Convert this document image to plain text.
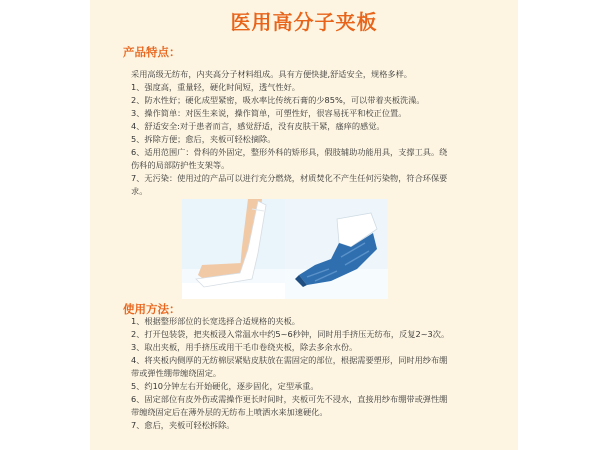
医用高分子夹板
产品特点：
采用高级无纺布，内夹高分子材料组成。具有方便快捷,舒适安全，规格多样。
1、强度高，重量轻，硬化时间短，透气性好。
2、防水性好；硬化成型紧密，吸水率比传统石膏的少85%，可以带着夹板洗澡。
3、操作简单：对医生来说，操作简单，可塑性好，很容易抚平和校正位置。
4、舒适安全:对于患者而言，感觉舒适，没有皮肤干紧，瘙痒的感觉。
5、拆除方便；愈后，夹板可轻松摘除。
6、适用范围广：骨科的外固定，整形外科的矫形具，假肢辅助功能用具，支撑工具。绕
伤科的局部防护性支架等。
7、无污染：使用过的产品可以进行充分燃烧，材质焚化不产生任何污染物，符合环保要
求。
使用方法：
1、根据整形部位的长宽选择合适规格的夹板。
2、打开包装袋，把夹板浸入常温水中约5~6秒钟，同时用手挤压无纺布，反复2~3次。
3、取出夹板，用手挤压或用干毛巾卷绕夹板，除去多余水份。
4、将夹板内侧厚的无纺棉层紧贴皮肤放在需固定的部位，根据需要塑形，同时用纱布绷
带或弹性绷带缠绕固定。
5、约10分钟左右开始硬化，逐步固化，定型承重。
6、固定部位有皮外伤或需操作更长时间时，夹板可先不浸水，直接用纱布绷带或弹性绷
带缠绕固定后在薄外层的无纺布上喷洒水来加速硬化。
7、愈后，夹板可轻松拆除。
